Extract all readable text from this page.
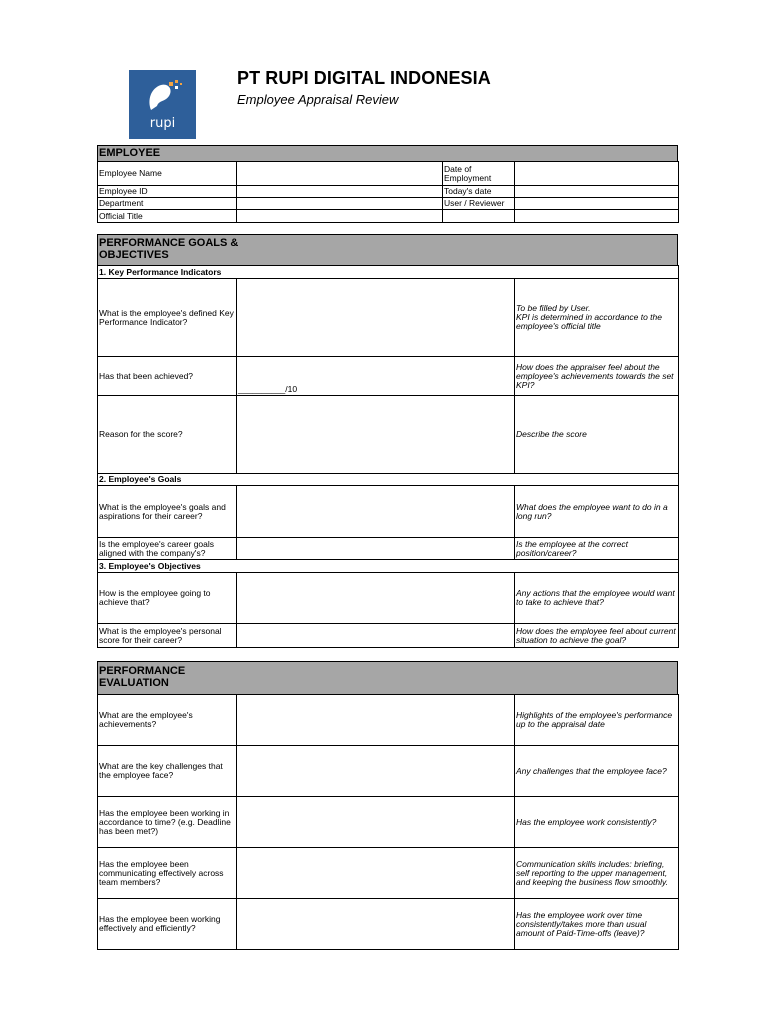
rupi
PT RUPI DIGITAL INDONESIA
Employee Appraisal Review
EMPLOYEE
Employee Name		Date of Employment	
Employee ID		Today's date	
Department		User / Reviewer	
Official Title			
PERFORMANCE GOALS & OBJECTIVES
1. Key Performance Indicators		
What is the employee's defined Key Performance Indicator?		To be filled by User.
KPI is determined in accordance to the employee's official title
Has that been achieved?	__________/10	How does the appraiser feel about the employee's achievements towards the set KPI?
Reason for the score?		Describe the score
2. Employee's Goals		
What is the employee's goals and aspirations for their career?		What does the employee want to do in a long run?
Is the employee's career goals aligned with the company's?		Is the employee at the correct position/career?
3. Employee's Objectives		
How is the employee going to achieve that?		Any actions that the employee would want to take to achieve that?
What is the employee's personal score for their career?		How does the employee feel about current situation to achieve the goal?
PERFORMANCE EVALUATION
What are the employee's achievements?		Highlights of the employee's performance up to the appraisal date
What are the key challenges that the employee face?		Any challenges that the employee face?
Has the employee been working in accordance to time? (e.g. Deadline has been met?)		Has the employee work consistently?
Has the employee been communicating effectively across team members?		Communication skills includes: briefing, self reporting to the upper management, and keeping the business flow smoothly.
Has the employee been working effectively and efficiently?		Has the employee work over time consistently/takes more than usual amount of Paid-Time-offs (leave)?
